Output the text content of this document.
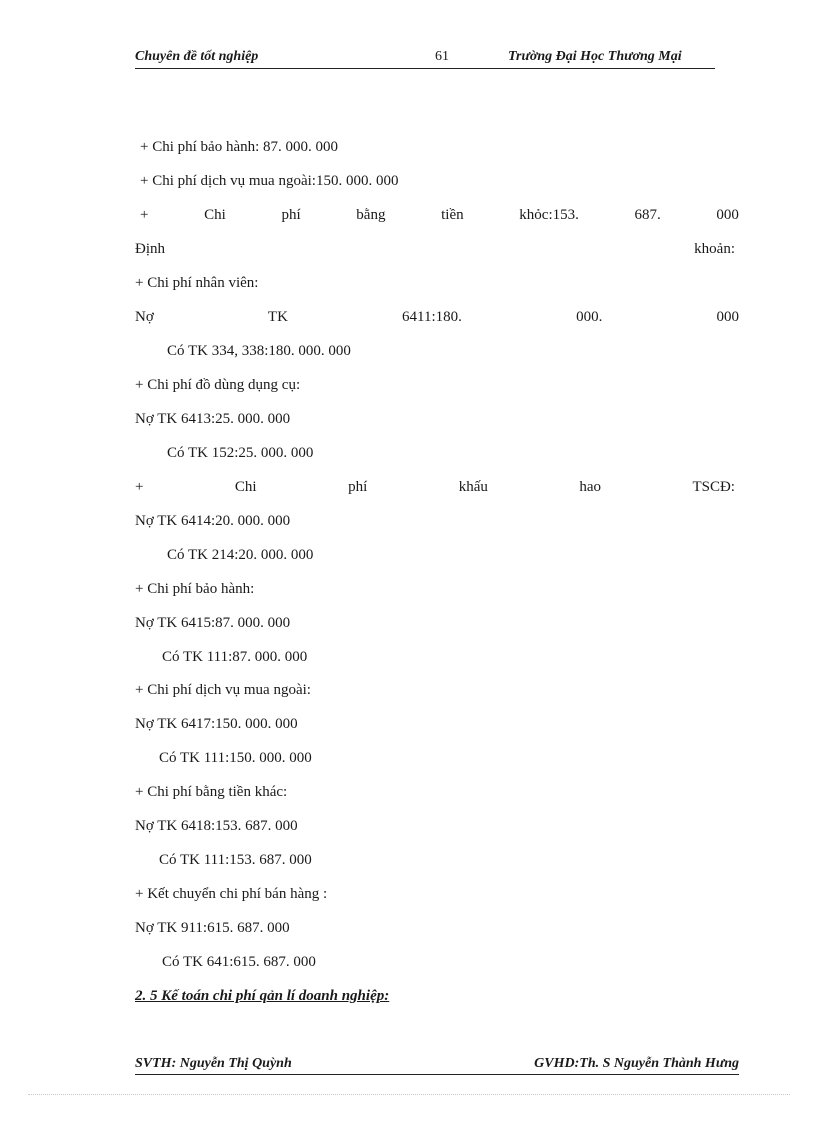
Chuyên đề tốt nghiệp	61	Trường Đại Học Thương Mại
+ Chi phí bảo hành: 87. 000. 000
+ Chi phí dịch vụ mua ngoài:150. 000. 000
+	Chi	phí	bằng	tiền	khỏc:153.	687.	000
Định	khoản:
+ Chi phí nhân viên:
Nợ	TK	6411:180.	000.	000
Có TK 334, 338:180. 000. 000
+ Chi phí đồ dùng dụng cụ:
Nợ TK 6413:25. 000. 000
Có TK 152:25. 000. 000
+	Chi	phí	khấu	hao	TSCĐ:
Nợ TK 6414:20. 000. 000
Có TK 214:20. 000. 000
+ Chi phí bảo hành:
Nợ TK 6415:87. 000. 000
Có TK 111:87. 000. 000
+ Chi phí dịch vụ mua ngoài:
Nợ TK 6417:150. 000. 000
Có TK 111:150. 000. 000
+ Chi phí bằng tiền khác:
Nợ TK 6418:153. 687. 000
Có TK 111:153. 687. 000
+ Kết chuyển chi phí bán hàng :
Nợ TK 911:615. 687. 000
Có TK 641:615. 687. 000
2. 5 Kế toán chi phí qản lí doanh nghiệp:
SVTH: Nguyễn Thị Quỳnh	GVHD:Th. S Nguyễn Thành Hưng
